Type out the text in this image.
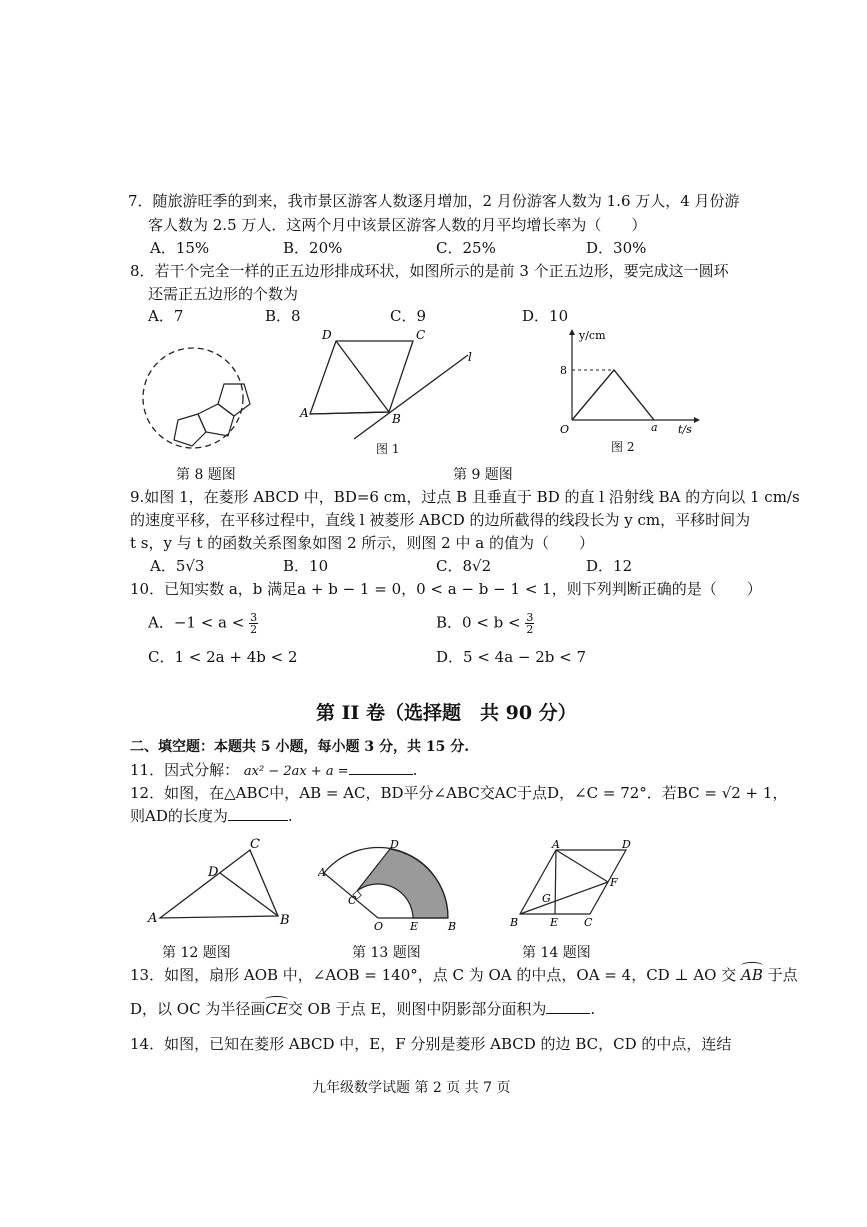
7．随旅游旺季的到来，我市景区游客人数逐月增加，2 月份游客人数为 1.6 万人，4 月份游
客人数为 2.5 万人．这两个月中该景区游客人数的月平均增长率为（　　）
A．15%	B．20%	C．25%	D．30%
8．若干个完全一样的正五边形排成环状，如图所示的是前 3 个正五边形，要完成这一圆环
还需正五边形的个数为
A．7	B．8	C．9	D．10
第 8 题图
A	B
C
D
l
图 1
y/cm
t/s
O
8
a
图 2
第 9 题图
9.如图 1，在菱形 ABCD 中，BD=6 cm，过点 B 且垂直于 BD 的直 l 沿射线 BA 的方向以 1 cm/s
的速度平移，在平移过程中，直线 l 被菱形 ABCD 的边所截得的线段长为 y cm，平移时间为
t s，y 与 t 的函数关系图象如图 2 所示，则图 2 中 a 的值为（　　）
A．5√3	B．10	C．8√2	D．12
10．已知实数 a，b 满足a + b − 1 = 0，0 < a − b − 1 < 1，则下列判断正确的是（　　）
A．$-1 < a < \frac{3}{2}$	B．$0 < b < \frac{3}{2}$
C．1 < 2a + 4b < 2	D．5 < 4a − 2b < 7
第 II 卷（选择题　共 90 分）
二、填空题：本题共 5 小题，每小题 3 分，共 15 分.
11．因式分解： ax² − 2ax + a =	.
12．如图，在△ABC中，AB = AC，BD平分∠ABC交AC于点D，∠C = 72°．若BC = √2 + 1，
则AD的长度为	.
A	B
C
D
第 12 题图
A
B
C
D
E
O
第 13 题图
A	D
B	C
E
F
G
第 14 题图
13．如图，扇形 AOB 中，∠AOB = 140°，点 C 为 OA 的中点，OA = 4，CD ⊥ AO 交 AB 于点
D，以 OC 为半径画CE交 OB 于点 E，则图中阴影部分面积为	.
14．如图，已知在菱形 ABCD 中，E，F 分别是菱形 ABCD 的边 BC，CD 的中点，连结
九年级数学试题 第 2 页 共 7 页
